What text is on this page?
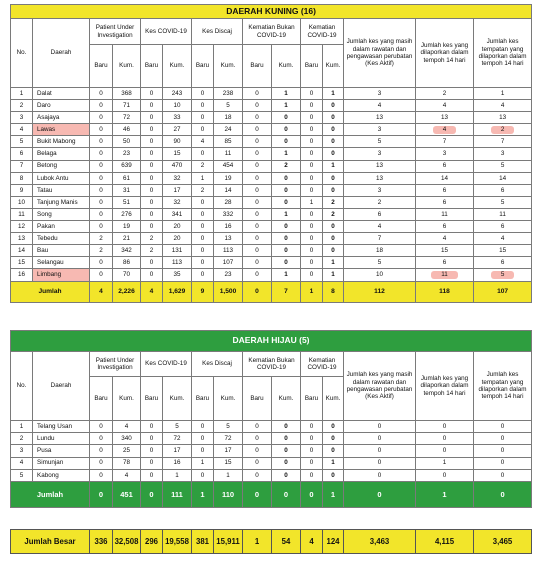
DAERAH KUNING (16)														
No.	Daerah	Patient Under Investigation		Kes COVID-19		Kes Discaj		Kematian Bukan COVID-19		Kematian COVID-19		Jumlah kes yang masih dalam rawatan dan pengawasan perubatan (Kes Aktif)	Jumlah kes yang dilaporkan dalam tempoh 14 hari	Jumlah kes tempatan yang dilaporkan dalam tempoh 14 hari
		Baru	Kum.	Baru	Kum.	Baru	Kum.	Baru	Kum.	Baru	Kum.			
1	Dalat	0	368	0	243	0	238	0	1	0	1	3	2	1
2	Daro	0	71	0	10	0	5	0	1	0	0	4	4	4
3	Asajaya	0	72	0	33	0	18	0	0	0	0	13	13	13
4	Lawas	0	46	0	27	0	24	0	0	0	0	3	4	2
5	Bukit Mabong	0	50	0	90	4	85	0	0	0	0	5	7	7
6	Belaga	0	23	0	15	0	11	0	1	0	0	3	3	3
7	Betong	0	639	0	470	2	454	0	2	0	1	13	6	5
8	Lubok Antu	0	61	0	32	1	19	0	0	0	0	13	14	14
9	Tatau	0	31	0	17	2	14	0	0	0	0	3	6	6
10	Tanjung Manis	0	51	0	32	0	28	0	0	1	2	2	6	5
11	Song	0	276	0	341	0	332	0	1	0	2	6	11	11
12	Pakan	0	19	0	20	0	16	0	0	0	0	4	6	6
13	Tebedu	2	21	2	20	0	13	0	0	0	0	7	4	4
14	Bau	2	342	2	131	0	113	0	0	0	0	18	15	15
15	Selangau	0	86	0	113	0	107	0	0	0	1	5	6	6
16	Limbang	0	70	0	35	0	23	0	1	0	1	10	11	5
Jumlah		4	2,226	4	1,629	9	1,500	0	7	1	8	112	118	107
DAERAH HIJAU (5)														
No.	Daerah	Patient Under Investigation		Kes COVID-19		Kes Discaj		Kematian Bukan COVID-19		Kematian COVID-19		Jumlah kes yang masih dalam rawatan dan pengawasan perubatan (Kes Aktif)	Jumlah kes yang dilaporkan dalam tempoh 14 hari	Jumlah kes tempatan yang dilaporkan dalam tempoh 14 hari
		Baru	Kum.	Baru	Kum.	Baru	Kum.	Baru	Kum.	Baru	Kum.			
1	Telang Usan	0	4	0	5	0	5	0	0	0	0	0	0	0
2	Lundu	0	340	0	72	0	72	0	0	0	0	0	0	0
3	Pusa	0	25	0	17	0	17	0	0	0	0	0	0	0
4	Simunjan	0	78	0	16	1	15	0	0	0	1	0	1	0
5	Kabong	0	4	0	1	0	1	0	0	0	0	0	0	0
Jumlah		0	451	0	111	1	110	0	0	0	1	0	1	0
Jumlah Besar	336	32,508	296	19,558	381	15,911	1	54	4	124	3,463	4,115	3,465
